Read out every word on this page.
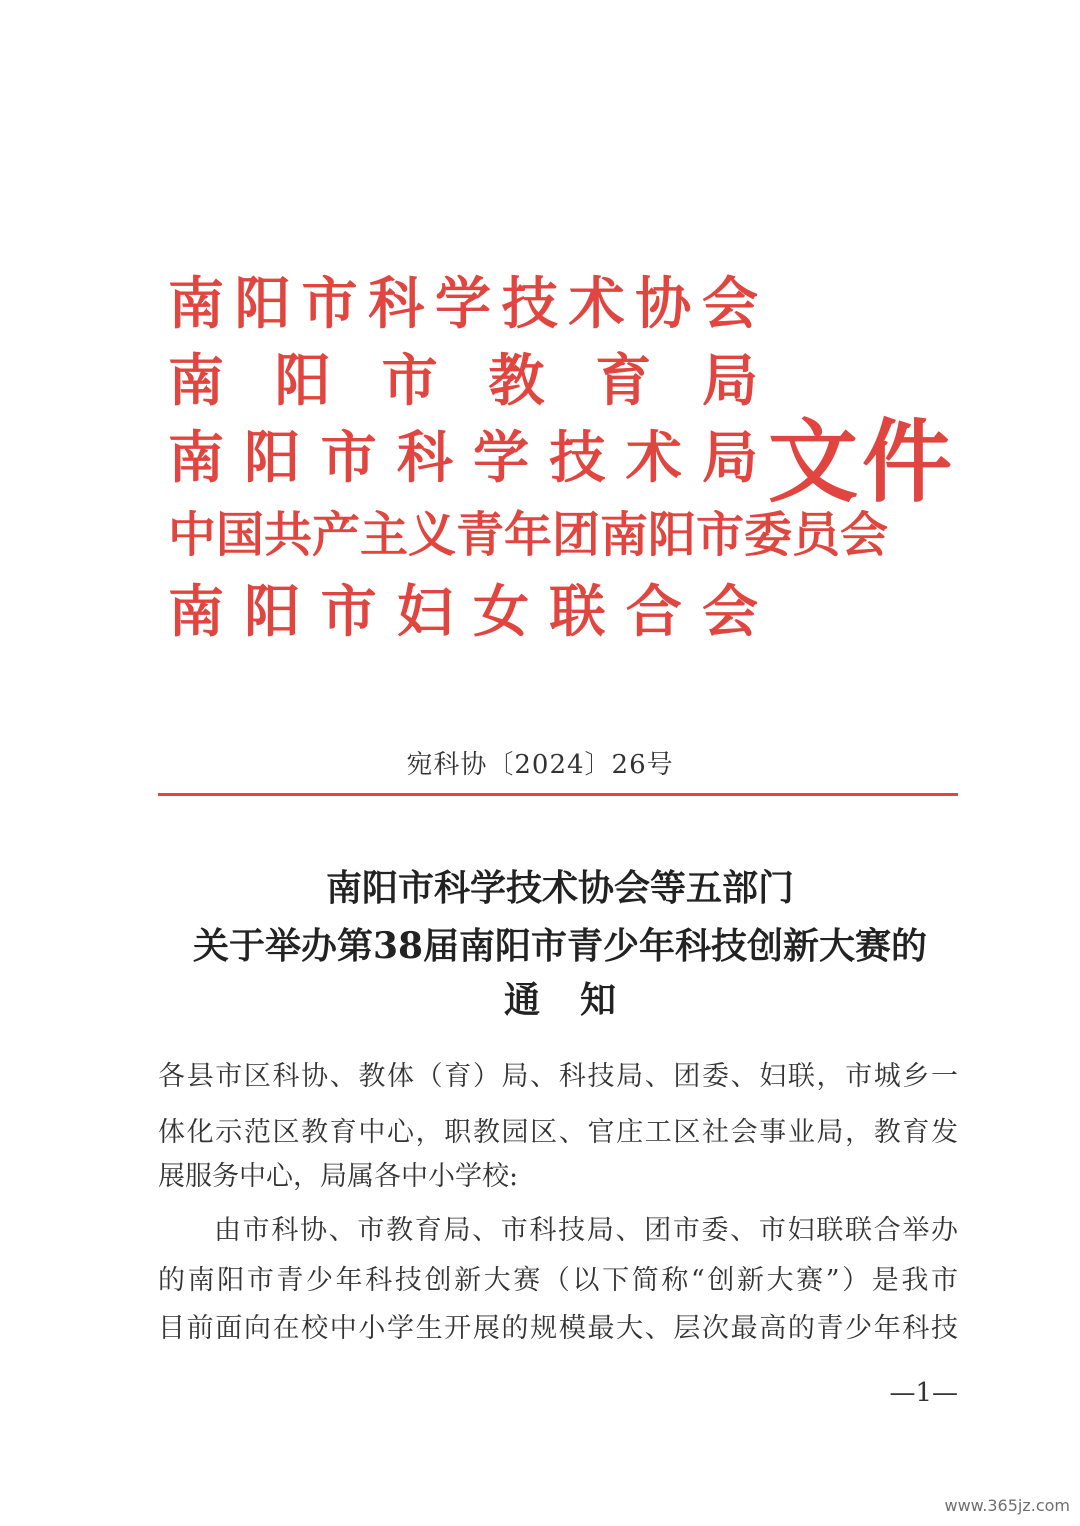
南 阳 市 科 学 技 术 协 会
南 阳 市 教 育 局
南 阳 市 科 学 技 术 局
中国共产主义青年团南阳市委员会
南 阳 市 妇 女 联 合 会
文件
宛科协〔2024〕26号
南阳市科学技术协会等五部门
关于举办第38届南阳市青少年科技创新大赛的
通知
各县市区科协、教体（育）局、科技局、团委、妇联，市城乡一
体化示范区教育中心，职教园区、官庄工区社会事业局，教育发
展服务中心，局属各中小学校:
由市科协、市教育局、市科技局、团市委、市妇联联合举办
的南阳市青少年科技创新大赛（以下简称“创新大赛”）是我市
目前面向在校中小学生开展的规模最大、层次最高的青少年科技
—1—
www.365jz.com
